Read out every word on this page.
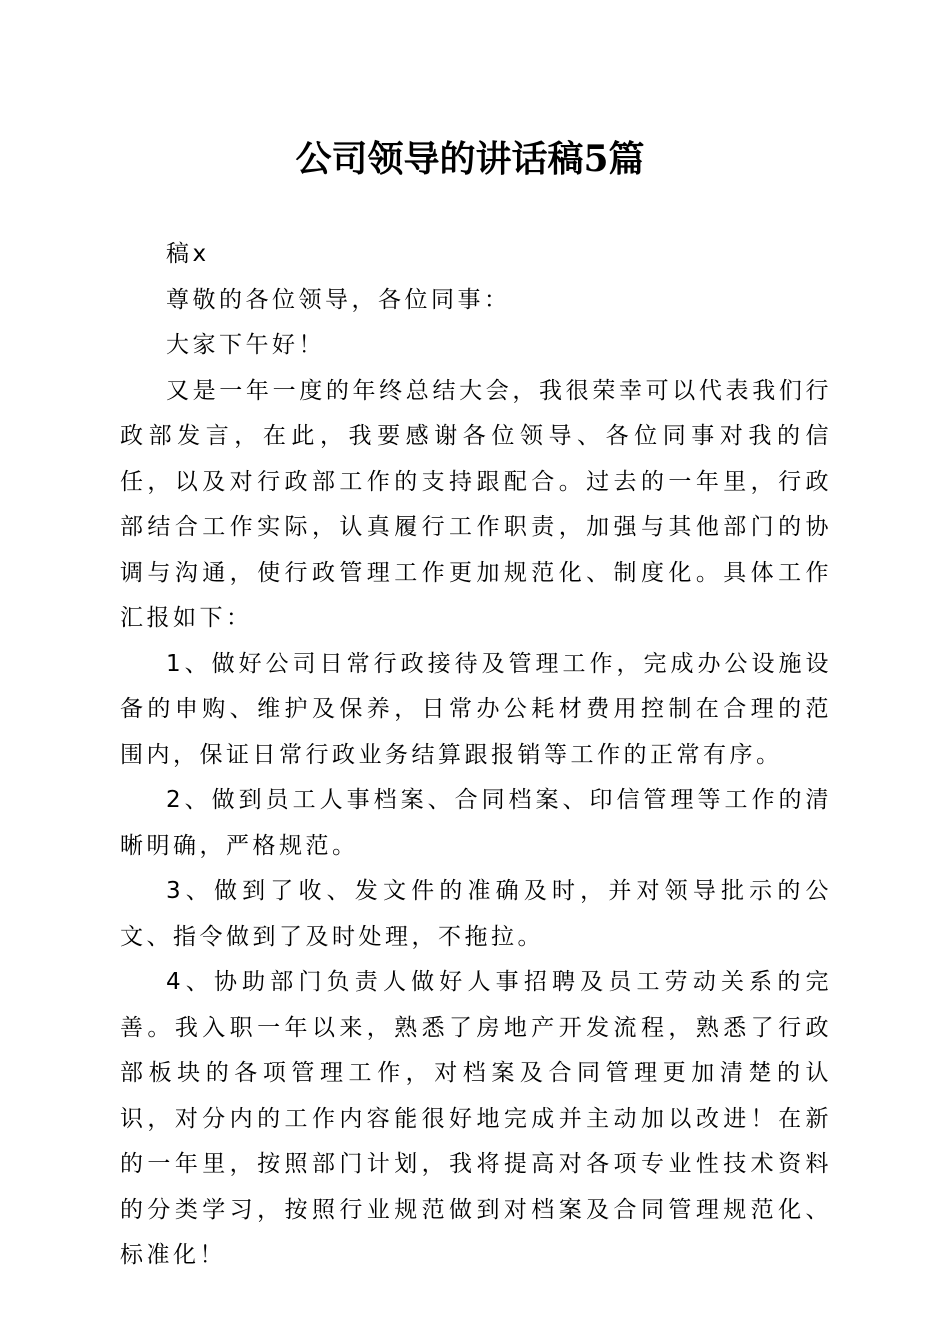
公司领导的讲话稿5篇

稿x

尊敬的各位领导，各位同事：

大家下午好！

又是一年一度的年终总结大会，我很荣幸可以代表我们行政部发言，在此，我要感谢各位领导、各位同事对我的信任，以及对行政部工作的支持跟配合。过去的一年里，行政部结合工作实际，认真履行工作职责，加强与其他部门的协调与沟通，使行政管理工作更加规范化、制度化。具体工作汇报如下：

1、做好公司日常行政接待及管理工作，完成办公设施设备的申购、维护及保养，日常办公耗材费用控制在合理的范围内，保证日常行政业务结算跟报销等工作的正常有序。

2、做到员工人事档案、合同档案、印信管理等工作的清晰明确，严格规范。

3、做到了收、发文件的准确及时，并对领导批示的公文、指令做到了及时处理，不拖拉。

4、协助部门负责人做好人事招聘及员工劳动关系的完善。我入职一年以来，熟悉了房地产开发流程，熟悉了行政部板块的各项管理工作，对档案及合同管理更加清楚的认识，对分内的工作内容能很好地完成并主动加以改进！在新的一年里，按照部门计划，我将提高对各项专业性技术资料的分类学习，按照行业规范做到对档案及合同管理规范化、标准化！
